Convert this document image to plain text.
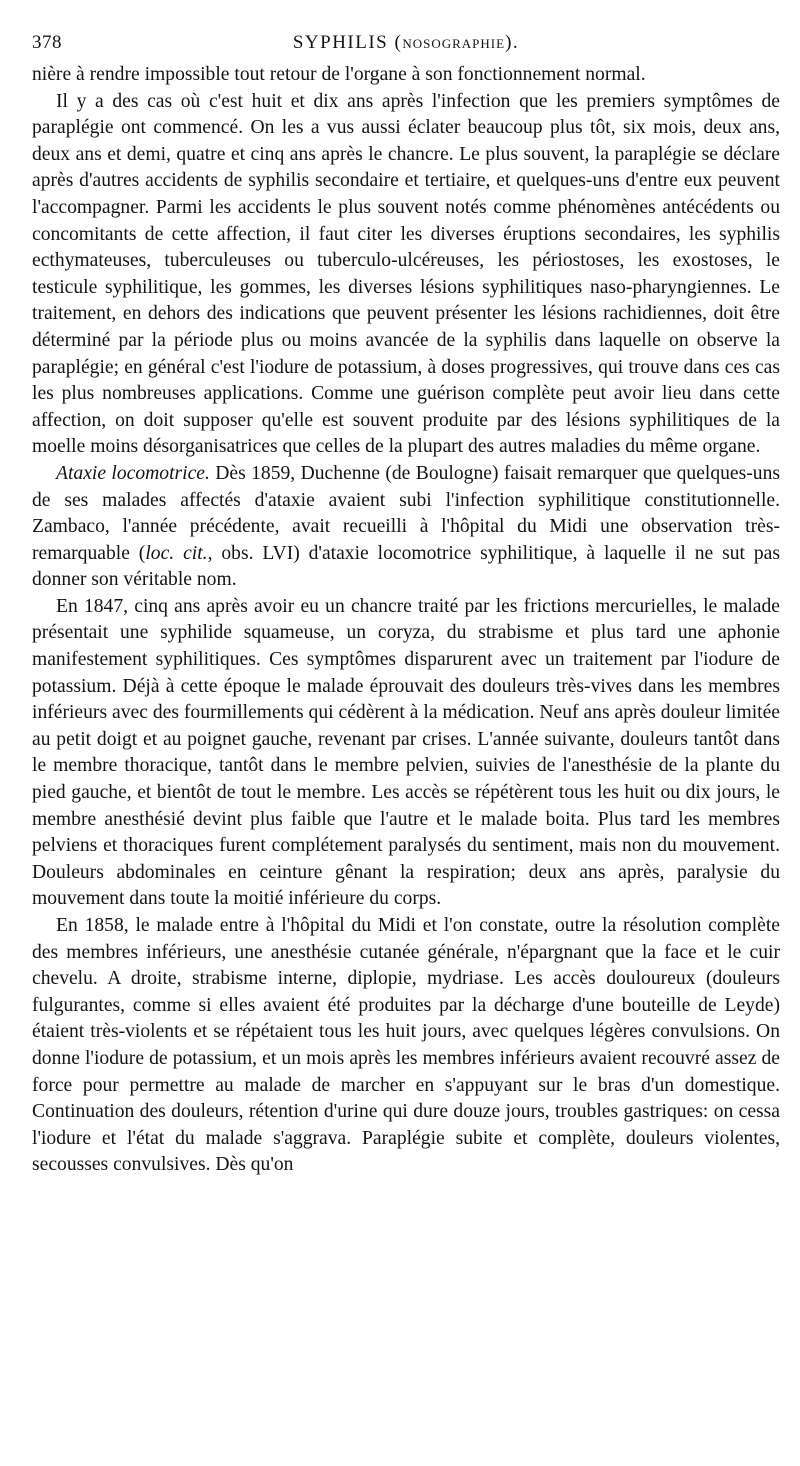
378	SYPHILIS (NOSOGRAPHIE).

nière à rendre impossible tout retour de l'organe à son fonctionnement normal.

Il y a des cas où c'est huit et dix ans après l'infection que les premiers symptômes de paraplégie ont commencé. On les a vus aussi éclater beaucoup plus tôt, six mois, deux ans, deux ans et demi, quatre et cinq ans après le chancre. Le plus souvent, la paraplégie se déclare après d'autres accidents de syphilis secondaire et tertiaire, et quelques-uns d'entre eux peuvent l'accompagner. Parmi les accidents le plus souvent notés comme phénomènes antécédents ou concomitants de cette affection, il faut citer les diverses éruptions secondaires, les syphilis ecthymateuses, tuberculeuses ou tuberculo-ulcéreuses, les périostoses, les exostoses, le testicule syphilitique, les gommes, les diverses lésions syphilitiques naso-pharyngiennes. Le traitement, en dehors des indications que peuvent présenter les lésions rachidiennes, doit être déterminé par la période plus ou moins avancée de la syphilis dans laquelle on observe la paraplégie; en général c'est l'iodure de potassium, à doses progressives, qui trouve dans ces cas les plus nombreuses applications. Comme une guérison complète peut avoir lieu dans cette affection, on doit supposer qu'elle est souvent produite par des lésions syphilitiques de la moelle moins désorganisatrices que celles de la plupart des autres maladies du même organe.

Ataxie locomotrice. Dès 1859, Duchenne (de Boulogne) faisait remarquer que quelques-uns de ses malades affectés d'ataxie avaient subi l'infection syphilitique constitutionnelle. Zambaco, l'année précédente, avait recueilli à l'hôpital du Midi une observation très-remarquable (loc. cit., obs. LVI) d'ataxie locomotrice syphilitique, à laquelle il ne sut pas donner son véritable nom.

En 1847, cinq ans après avoir eu un chancre traité par les frictions mercurielles, le malade présentait une syphilide squameuse, un coryza, du strabisme et plus tard une aphonie manifestement syphilitiques. Ces symptômes disparurent avec un traitement par l'iodure de potassium. Déjà à cette époque le malade éprouvait des douleurs très-vives dans les membres inférieurs avec des fourmillements qui cédèrent à la médication. Neuf ans après douleur limitée au petit doigt et au poignet gauche, revenant par crises. L'année suivante, douleurs tantôt dans le membre thoracique, tantôt dans le membre pelvien, suivies de l'anesthésie de la plante du pied gauche, et bientôt de tout le membre. Les accès se répétèrent tous les huit ou dix jours, le membre anesthésié devint plus faible que l'autre et le malade boita. Plus tard les membres pelviens et thoraciques furent complétement paralysés du sentiment, mais non du mouvement. Douleurs abdominales en ceinture gênant la respiration; deux ans après, paralysie du mouvement dans toute la moitié inférieure du corps.

En 1858, le malade entre à l'hôpital du Midi et l'on constate, outre la résolution complète des membres inférieurs, une anesthésie cutanée générale, n'épargnant que la face et le cuir chevelu. A droite, strabisme interne, diplopie, mydriase. Les accès douloureux (douleurs fulgurantes, comme si elles avaient été produites par la décharge d'une bouteille de Leyde) étaient très-violents et se répétaient tous les huit jours, avec quelques légères convulsions. On donne l'iodure de potassium, et un mois après les membres inférieurs avaient recouvré assez de force pour permettre au malade de marcher en s'appuyant sur le bras d'un domestique. Continuation des douleurs, rétention d'urine qui dure douze jours, troubles gastriques: on cessa l'iodure et l'état du malade s'aggrava. Paraplégie subite et complète, douleurs violentes, secousses convulsives. Dès qu'on
